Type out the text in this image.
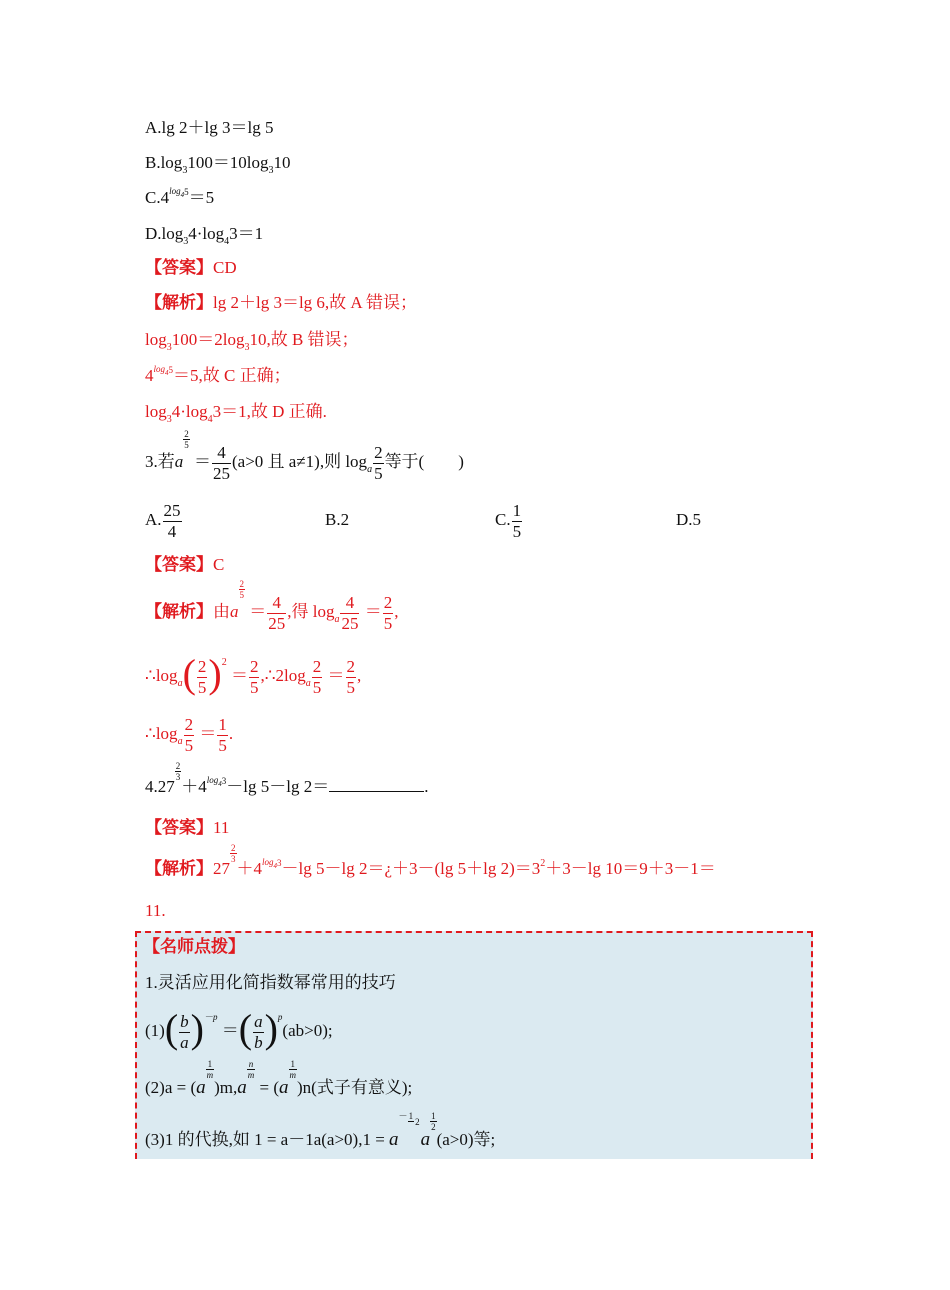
A.lg 2＋lg 3＝lg 5
$B.\log_3100=10\log_310$
$C.4^{log45}=5$
$D.\log_34\cdot\log_43=1$
【答案】CD
【解析】lg 2＋lg 3＝lg 6,故 A 错误；
$\log_3100=2\log_310$,故 B 错误；
$4^{log45}=5$,故 C 正确；
$\log_34\cdot\log_43=1$,故 D 正确.
3.若a
$\frac{2}{5}$
＝ $\frac{4}{25} (a>0$ 且 a≠1),则 $\log_a \frac{2}{5}$ 等于(　　)
A. $\frac{25}{4}$	B.2	C. $\frac{1}{5}$	D.5
【答案】C
【解析】由a
$\frac{2}{5}$
＝ $\frac{4}{25}$ ,得 $\log_a \frac{4}{25} = \frac{2}{5}$ ,
$\therefore\log_a( \frac{2}{5} )^2 = \frac{2}{5}$ $,\therefore 2\log_a \frac{2}{5} = \frac{2}{5}$ ,
$\therefore\log_a \frac{2}{5} = \frac{1}{5}$ .
4.27
$\frac{2}{3}$
$+4^{log43}-\lg$ 5－lg 2＝	.
【答案】11
【解析】27
$\frac{2}{3}$
$+4^{log43}-\lg$ 5－lg 2＝¿＋3－(lg 5＋lg $2)=3^2+3-\lg$ 10＝9＋3－1＝
11.
【名师点拨】
1.灵活应用化简指数幂常用的技巧
$(1)( \frac{b}{a} )^{-p}$ ＝( $\frac{a}{b} )^p(ab>0)$;
(2)a = (a
$\frac{1}{m}$
)m,a
$\frac{n}{m}$
= (a
$\frac{1}{m}$
)n(式子有意义);
(3)1 的代换,如 1 = a－1a(a>0),1 = a－1
2
a
$\frac{1}{2}$
(a>0)等;
